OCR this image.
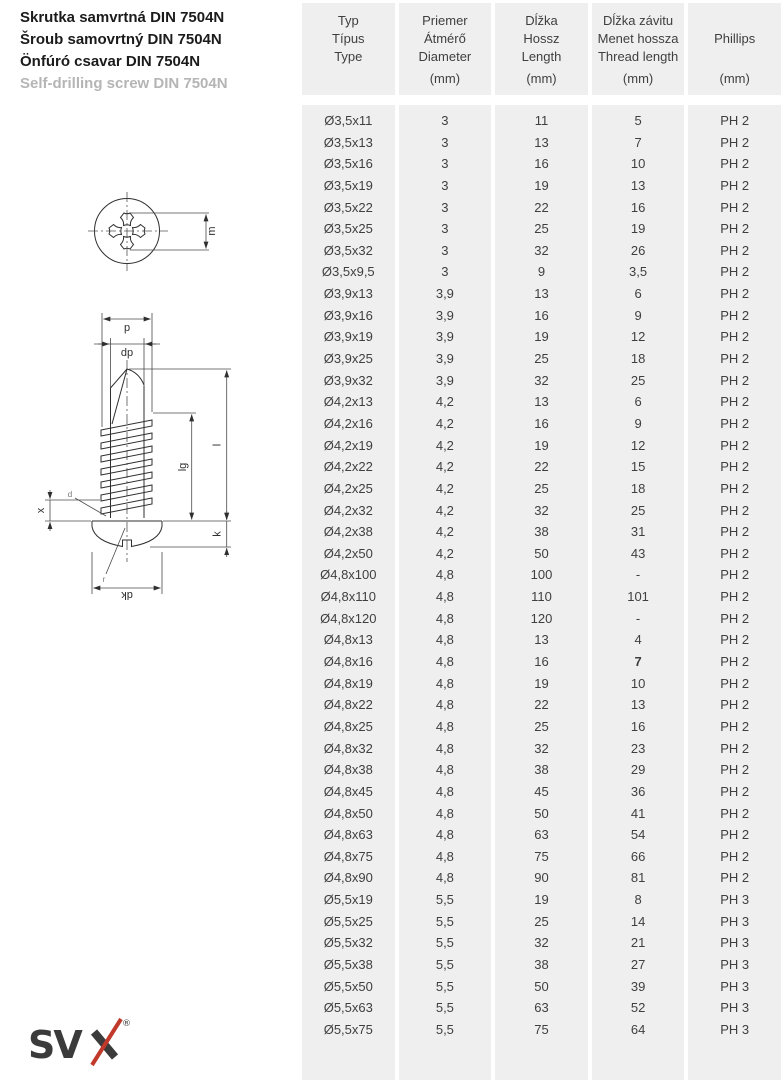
Skrutka samvrtná DIN 7504N
Šroub samovrtný DIN 7504N
Önfúró csavar DIN 7504N
Self-drilling screw DIN 7504N
m
p
dp
lg
l
k
x
dk
d
r
Typ
Típus
Type
Ø3,5x11
Ø3,5x13
Ø3,5x16
Ø3,5x19
Ø3,5x22
Ø3,5x25
Ø3,5x32
Ø3,5x9,5
Ø3,9x13
Ø3,9x16
Ø3,9x19
Ø3,9x25
Ø3,9x32
Ø4,2x13
Ø4,2x16
Ø4,2x19
Ø4,2x22
Ø4,2x25
Ø4,2x32
Ø4,2x38
Ø4,2x50
Ø4,8x100
Ø4,8x110
Ø4,8x120
Ø4,8x13
Ø4,8x16
Ø4,8x19
Ø4,8x22
Ø4,8x25
Ø4,8x32
Ø4,8x38
Ø4,8x45
Ø4,8x50
Ø4,8x63
Ø4,8x75
Ø4,8x90
Ø5,5x19
Ø5,5x25
Ø5,5x32
Ø5,5x38
Ø5,5x50
Ø5,5x63
Ø5,5x75
Priemer
Átmérő
Diameter
(mm)
3
3
3
3
3
3
3
3
3,9
3,9
3,9
3,9
3,9
4,2
4,2
4,2
4,2
4,2
4,2
4,2
4,2
4,8
4,8
4,8
4,8
4,8
4,8
4,8
4,8
4,8
4,8
4,8
4,8
4,8
4,8
4,8
5,5
5,5
5,5
5,5
5,5
5,5
5,5
Dĺžka
Hossz
Length
(mm)
11
13
16
19
22
25
32
9
13
16
19
25
32
13
16
19
22
25
32
38
50
100
110
120
13
16
19
22
25
32
38
45
50
63
75
90
19
25
32
38
50
63
75
Dĺžka závitu
Menet hossza
Thread length
(mm)
5
7
10
13
16
19
26
3,5
6
9
12
18
25
6
9
12
15
18
25
31
43
-
101
-
4
7
10
13
16
23
29
36
41
54
66
81
8
14
21
27
39
52
64
Phillips
(mm)
PH 2
PH 2
PH 2
PH 2
PH 2
PH 2
PH 2
PH 2
PH 2
PH 2
PH 2
PH 2
PH 2
PH 2
PH 2
PH 2
PH 2
PH 2
PH 2
PH 2
PH 2
PH 2
PH 2
PH 2
PH 2
PH 2
PH 2
PH 2
PH 2
PH 2
PH 2
PH 2
PH 2
PH 2
PH 2
PH 2
PH 3
PH 3
PH 3
PH 3
PH 3
PH 3
PH 3
SV	®
